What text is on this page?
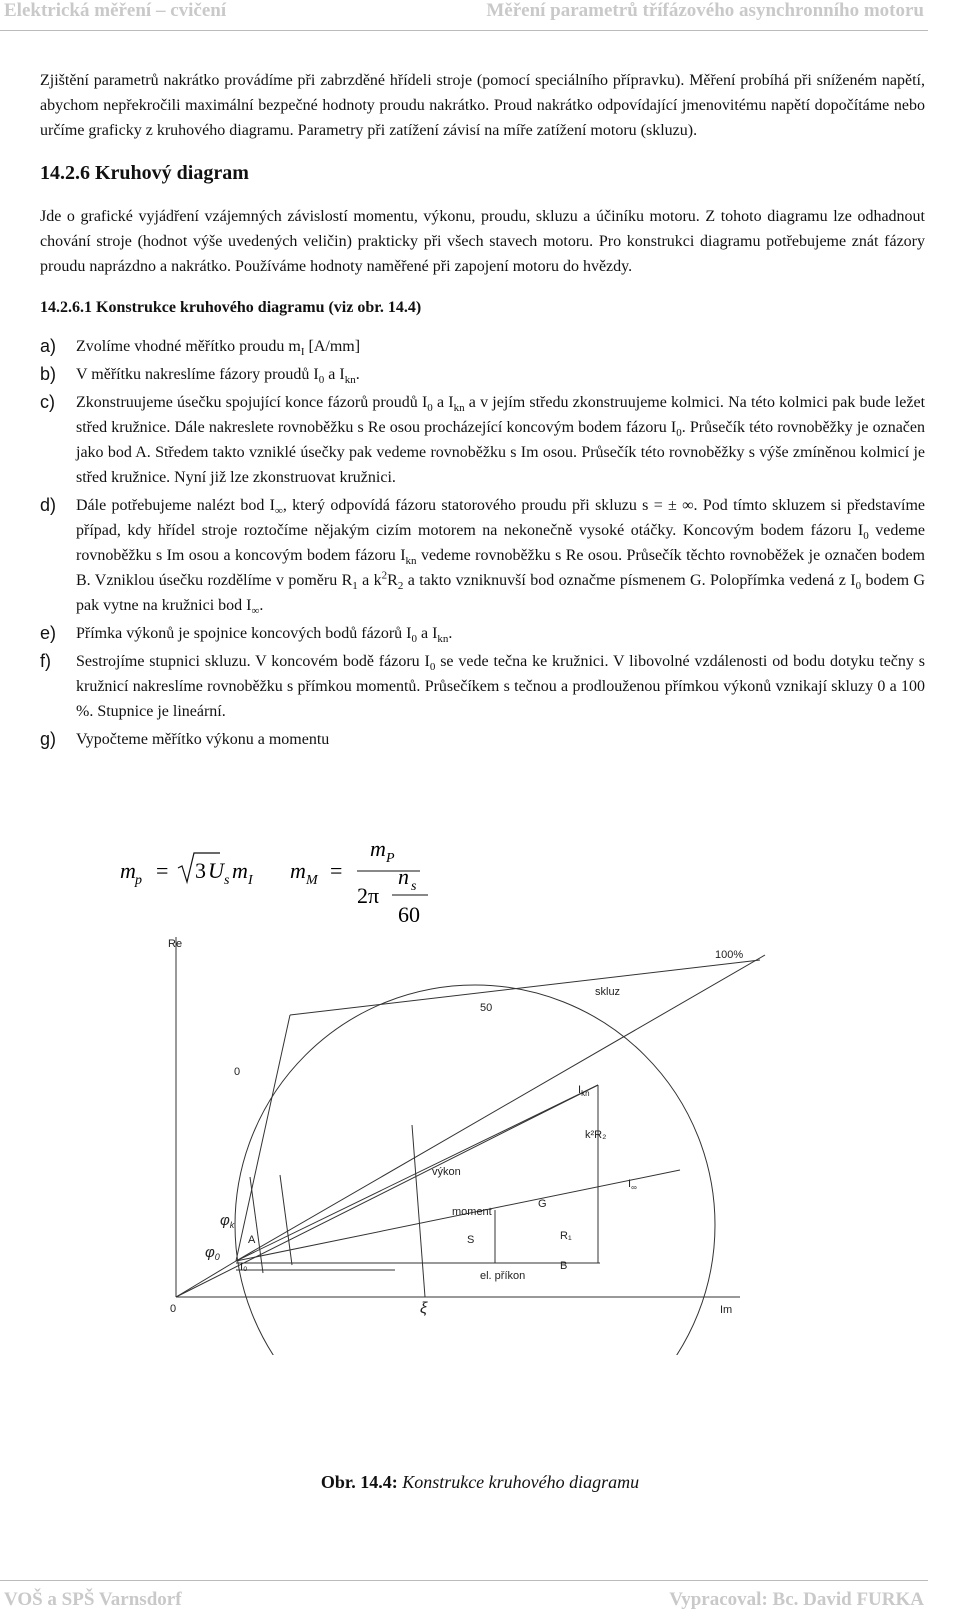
Elektrická měření – cvičení	Měření parametrů třífázového asynchronního motoru

Zjištění parametrů nakrátko provádíme při zabrzděné hřídeli stroje (pomocí speciálního přípravku). Měření probíhá při sníženém napětí, abychom nepřekročili maximální bezpečné hodnoty proudu nakrátko. Proud nakrátko odpovídající jmenovitému napětí dopočítáme nebo určíme graficky z kruhového diagramu. Parametry při zatížení závisí na míře zatížení motoru (skluzu).

14.2.6 Kruhový diagram

Jde o grafické vyjádření vzájemných závislostí momentu, výkonu, proudu, skluzu a účiníku motoru. Z tohoto diagramu lze odhadnout chování stroje (hodnot výše uvedených veličin) prakticky při všech stavech motoru. Pro konstrukci diagramu potřebujeme znát fázory proudu naprázdno a nakrátko. Používáme hodnoty naměřené při zapojení motoru do hvězdy.

14.2.6.1 Konstrukce kruhového diagramu (viz obr. 14.4)
a) Zvolíme vhodné měřítko proudu $m_I$ [A/mm]
b) V měřítku nakreslíme fázory proudů $I_0$ a $I_{kn}$.
c) Zkonstruujeme úsečku spojující konce fázorů proudů $I_0$ a $I_{kn}$ a v jejím středu zkonstruujeme kolmici. Na této kolmici pak bude ležet střed kružnice. Dále nakreslete rovnoběžku s Re osou procházející koncovým bodem fázoru $I_0$. Průsečík této rovnoběžky je označen jako bod A. Středem takto vzniklé úsečky pak vedeme rovnoběžku s Im osou. Průsečík této rovnoběžky s výše zmíněnou kolmicí je střed kružnice. Nyní již lze zkonstruovat kružnici.
d) Dále potřebujeme nalézt bod $I_\infty$, který odpovídá fázoru statorového proudu při skluzu s = ± ∞. Pod tímto skluzem si představíme případ, kdy hřídel stroje roztočíme nějakým cizím motorem na nekonečně vysoké otáčky. Koncovým bodem fázoru $I_0$ vedeme rovnoběžku s Im osou a koncovým bodem fázoru $I_{kn}$ vedeme rovnoběžku s Re osou. Průsečík těchto rovnoběžek je označen bodem B. Vzniklou úsečku rozdělíme v poměru $R_1$ a $k^2R_2$ a takto vzniknuvší bod označme písmenem G. Polopřímka vedená z $I_0$ bodem G pak vytne na kružnici bod $I_\infty$.
e) Přímka výkonů je spojnice koncových bodů fázorů $I_0$ a $I_{kn}$.
f) Sestrojíme stupnici skluzu. V koncovém bodě fázoru $I_0$ se vede tečna ke kružnici. V libovolné vzdálenosti od bodu dotyku tečny s kružnicí nakreslíme rovnoběžku s přímkou momentů. Průsečíkem s tečnou a prodlouženou přímkou výkonů vznikají skluzy 0 a 100 %. Stupnice je lineární.
g) Vypočteme měřítko výkonu a momentu
m p = 3 U s m I m M =
m P
2π
n s
60
Re
Im
0
0
50
100%
skluz
$I_{kn}$
$I_\infty$
k²R₂
výkon
moment
G
R₁
S
B
A
I₀
$\varphi_k$
$\varphi_0$
el. příkon
ξ
Obr. 14.4: Konstrukce kruhového diagramu
VOŠ a SPŠ Varnsdorf	Vypracoval: Bc. David FURKA
